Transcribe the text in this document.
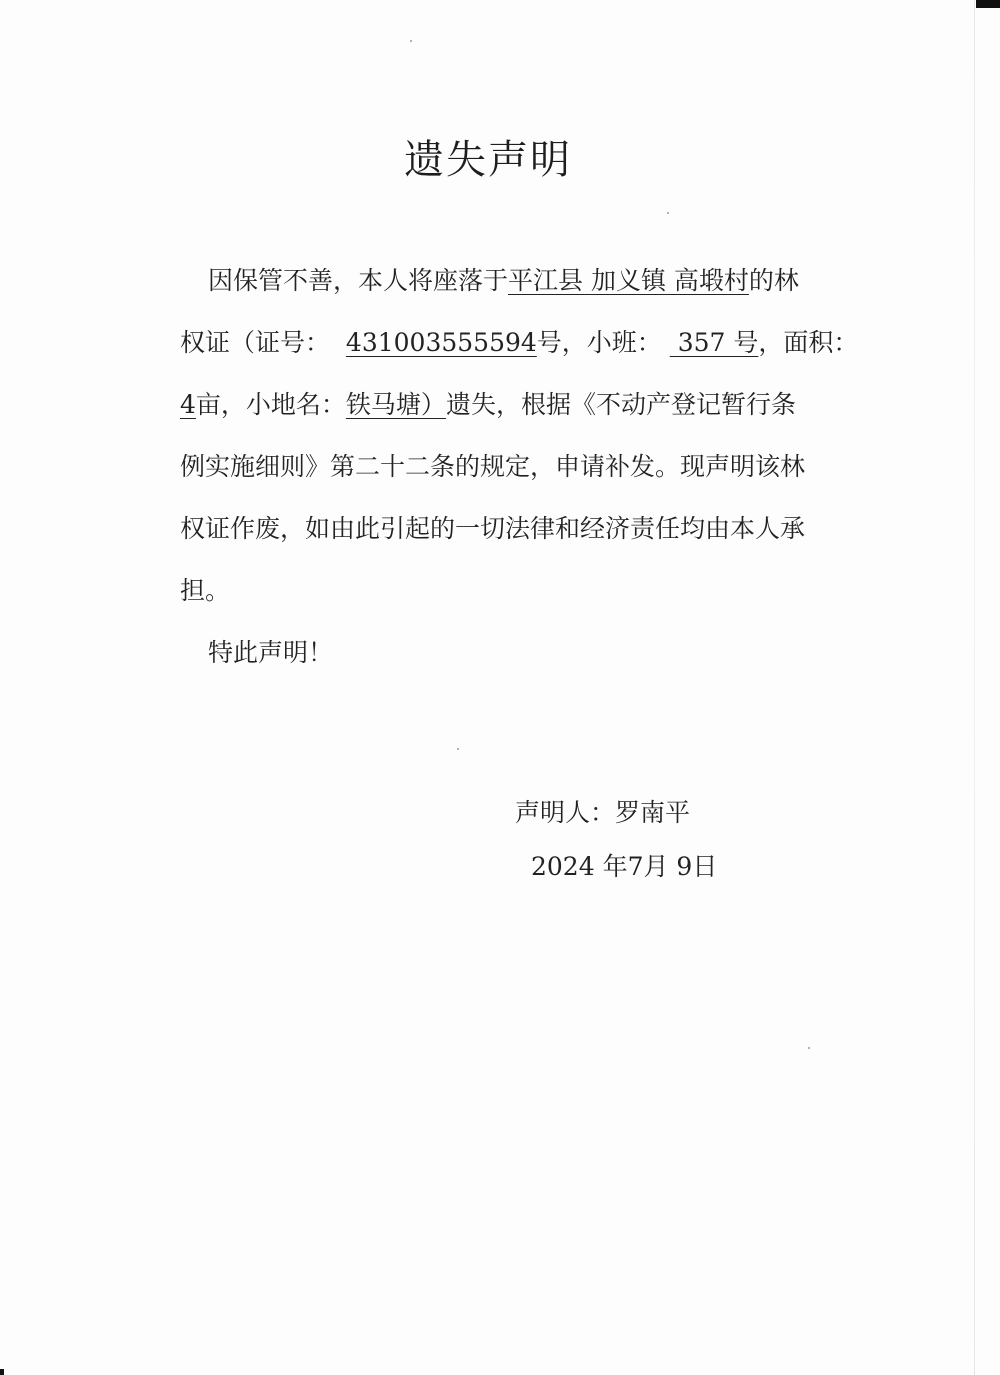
遗失声明
因保管不善，本人将座落于平江县 加义镇 高塅村的林
权证（证号： 431003555594号，小班：  357 号，面积：
4亩，小地名：铁马塘）遗失，根据《不动产登记暂行条
例实施细则》第二十二条的规定，申请补发。现声明该林
权证作废，如由此引起的一切法律和经济责任均由本人承
担。
特此声明！
声明人：罗南平
2024 年7月 9日
